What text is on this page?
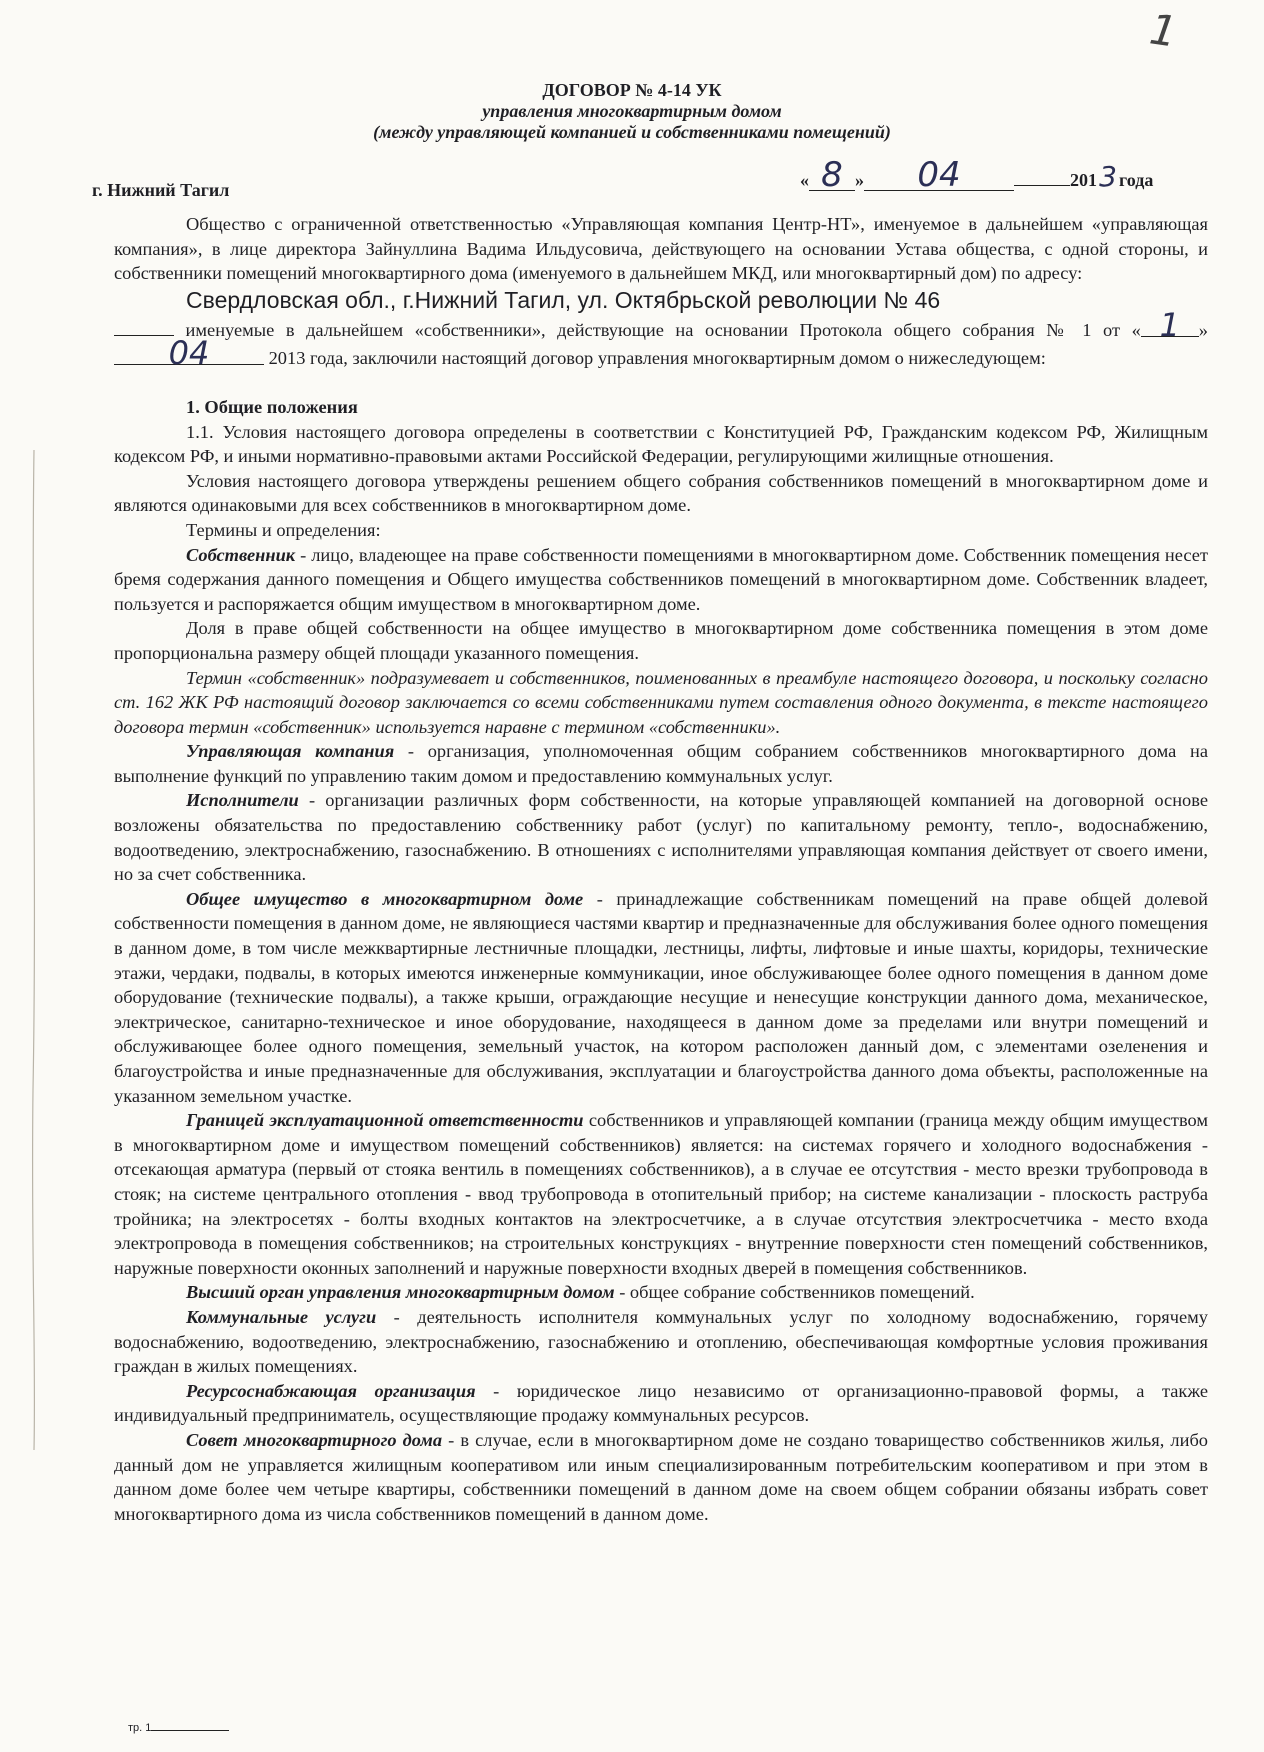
1
ДОГОВОР № 4-14 УК
управления многоквартирным домом
(между управляющей компанией и собственниками помещений)
г. Нижний Тагил	« 8 » 04	2013 года

Общество с ограниченной ответственностью «Управляющая компания Центр-НТ», именуемое в дальнейшем «управляющая компания», в лице директора Зайнуллина Вадима Ильдусовича, действующего на основании Устава общества, с одной стороны, и собственники помещений многоквартирного дома (именуемого в дальнейшем МКД, или многоквартирный дом) по адресу:

Свердловская обл., г.Нижний Тагил, ул. Октябрьской революции № 46

именуемые в дальнейшем «собственники», действующие на основании Протокола общего собрания № 1 от « 1 » 04	2013 года, заключили настоящий договор управления многоквартирным домом о нижеследующем:

1. Общие положения

1.1. Условия настоящего договора определены в соответствии с Конституцией РФ, Гражданским кодексом РФ, Жилищным кодексом РФ, и иными нормативно-правовыми актами Российской Федерации, регулирующими жилищные отношения.

Условия настоящего договора утверждены решением общего собрания собственников помещений в многоквартирном доме и являются одинаковыми для всех собственников в многоквартирном доме.

Термины и определения:

Собственник - лицо, владеющее на праве собственности помещениями в многоквартирном доме. Собственник помещения несет бремя содержания данного помещения и Общего имущества собственников помещений в многоквартирном доме. Собственник владеет, пользуется и распоряжается общим имуществом в многоквартирном доме.

Доля в праве общей собственности на общее имущество в многоквартирном доме собственника помещения в этом доме пропорциональна размеру общей площади указанного помещения.

Термин «собственник» подразумевает и собственников, поименованных в преамбуле настоящего договора, и поскольку согласно ст. 162 ЖК РФ настоящий договор заключается со всеми собственниками путем составления одного документа, в тексте настоящего договора термин «собственник» используется наравне с термином «собственники».

Управляющая компания - организация, уполномоченная общим собранием собственников многоквартирного дома на выполнение функций по управлению таким домом и предоставлению коммунальных услуг.

Исполнители - организации различных форм собственности, на которые управляющей компанией на договорной основе возложены обязательства по предоставлению собственнику работ (услуг) по капитальному ремонту, тепло-, водоснабжению, водоотведению, электроснабжению, газоснабжению. В отношениях с исполнителями управляющая компания действует от своего имени, но за счет собственника.

Общее имущество в многоквартирном доме - принадлежащие собственникам помещений на праве общей долевой собственности помещения в данном доме, не являющиеся частями квартир и предназначенные для обслуживания более одного помещения в данном доме, в том числе межквартирные лестничные площадки, лестницы, лифты, лифтовые и иные шахты, коридоры, технические этажи, чердаки, подвалы, в которых имеются инженерные коммуникации, иное обслуживающее более одного помещения в данном доме оборудование (технические подвалы), а также крыши, ограждающие несущие и ненесущие конструкции данного дома, механическое, электрическое, санитарно-техническое и иное оборудование, находящееся в данном доме за пределами или внутри помещений и обслуживающее более одного помещения, земельный участок, на котором расположен данный дом, с элементами озеленения и благоустройства и иные предназначенные для обслуживания, эксплуатации и благоустройства данного дома объекты, расположенные на указанном земельном участке.

Границей эксплуатационной ответственности собственников и управляющей компании (граница между общим имуществом в многоквартирном доме и имуществом помещений собственников) является: на системах горячего и холодного водоснабжения - отсекающая арматура (первый от стояка вентиль в помещениях собственников), а в случае ее отсутствия - место врезки трубопровода в стояк; на системе центрального отопления - ввод трубопровода в отопительный прибор; на системе канализации - плоскость раструба тройника; на электросетях - болты входных контактов на электросчетчике, а в случае отсутствия электросчетчика - место входа электропровода в помещения собственников; на строительных конструкциях - внутренние поверхности стен помещений собственников, наружные поверхности оконных заполнений и наружные поверхности входных дверей в помещения собственников.

Высший орган управления многоквартирным домом - общее собрание собственников помещений.

Коммунальные услуги - деятельность исполнителя коммунальных услуг по холодному водоснабжению, горячему водоснабжению, водоотведению, электроснабжению, газоснабжению и отоплению, обеспечивающая комфортные условия проживания граждан в жилых помещениях.

Ресурсоснабжающая организация - юридическое лицо независимо от организационно-правовой формы, а также индивидуальный предприниматель, осуществляющие продажу коммунальных ресурсов.

Совет многоквартирного дома - в случае, если в многоквартирном доме не создано товарищество собственников жилья, либо данный дом не управляется жилищным кооперативом или иным специализированным потребительским кооперативом и при этом в данном доме более чем четыре квартиры, собственники помещений в данном доме на своем общем собрании обязаны избрать совет многоквартирного дома из числа собственников помещений в данном доме.

тр. 1
